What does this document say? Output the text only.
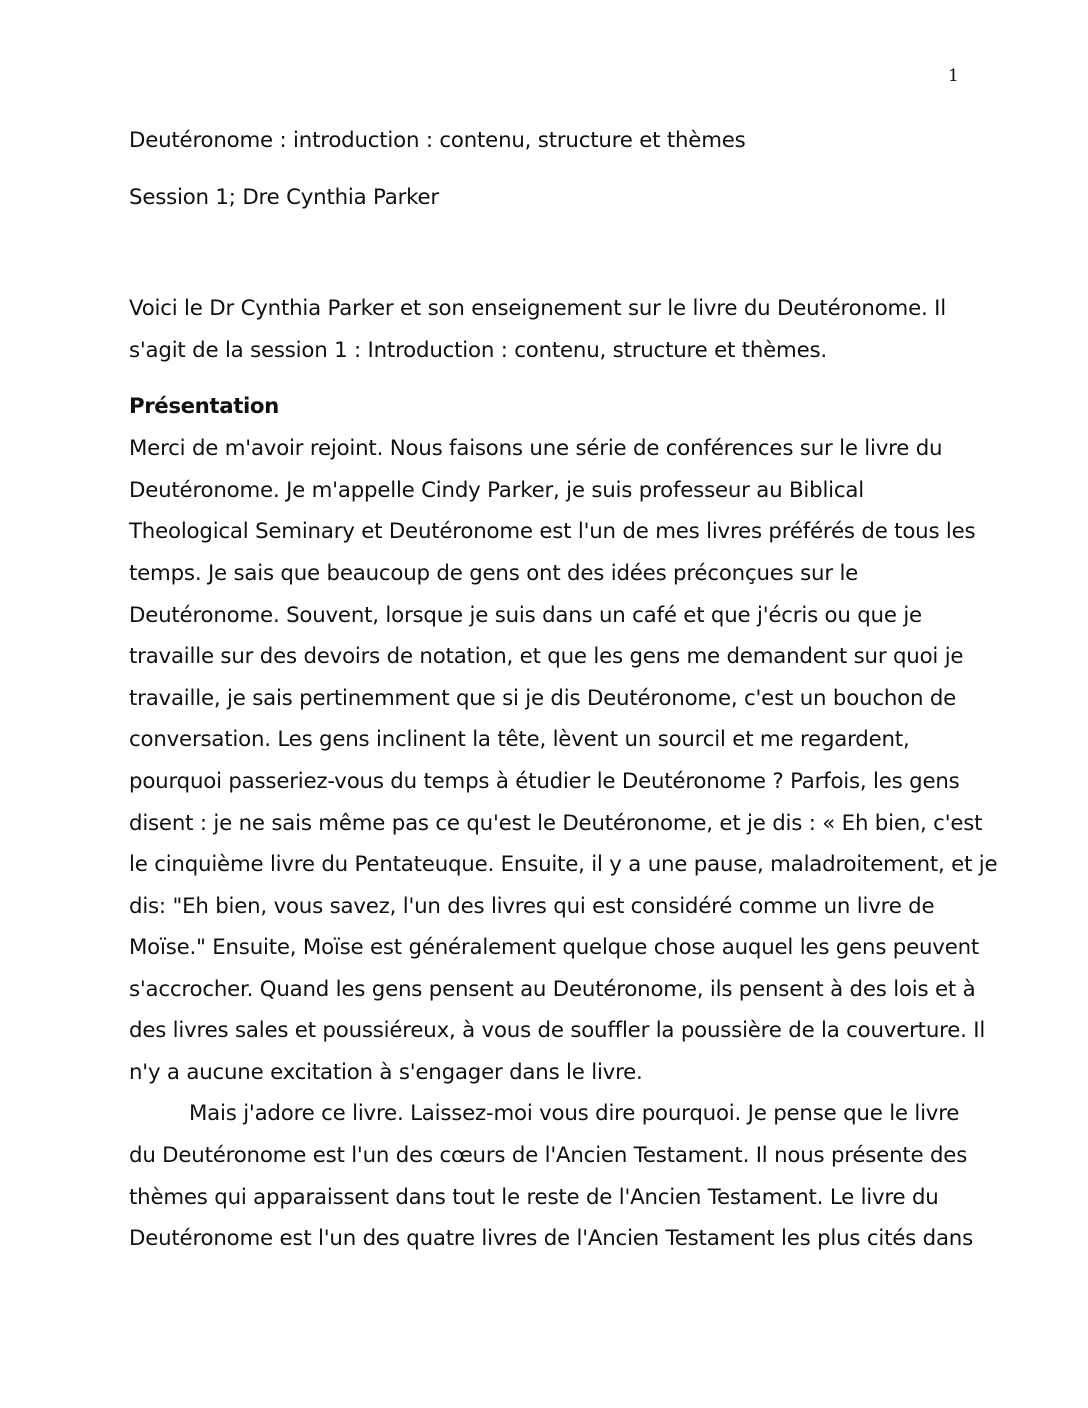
1
Deutéronome : introduction : contenu, structure et thèmes
Session 1; Dre Cynthia Parker
Voici le Dr Cynthia Parker et son enseignement sur le livre du Deutéronome. Il
s'agit de la session 1 : Introduction : contenu, structure et thèmes.
Présentation
Merci de m'avoir rejoint. Nous faisons une série de conférences sur le livre du
Deutéronome. Je m'appelle Cindy Parker, je suis professeur au Biblical
Theological Seminary et Deutéronome est l'un de mes livres préférés de tous les
temps. Je sais que beaucoup de gens ont des idées préconçues sur le
Deutéronome. Souvent, lorsque je suis dans un café et que j'écris ou que je
travaille sur des devoirs de notation, et que les gens me demandent sur quoi je
travaille, je sais pertinemment que si je dis Deutéronome, c'est un bouchon de
conversation. Les gens inclinent la tête, lèvent un sourcil et me regardent,
pourquoi passeriez-vous du temps à étudier le Deutéronome ? Parfois, les gens
disent : je ne sais même pas ce qu'est le Deutéronome, et je dis : « Eh bien, c'est
le cinquième livre du Pentateuque. Ensuite, il y a une pause, maladroitement, et je
dis: "Eh bien, vous savez, l'un des livres qui est considéré comme un livre de
Moïse." Ensuite, Moïse est généralement quelque chose auquel les gens peuvent
s'accrocher. Quand les gens pensent au Deutéronome, ils pensent à des lois et à
des livres sales et poussiéreux, à vous de souffler la poussière de la couverture. Il
n'y a aucune excitation à s'engager dans le livre.
Mais j'adore ce livre. Laissez-moi vous dire pourquoi. Je pense que le livre
du Deutéronome est l'un des cœurs de l'Ancien Testament. Il nous présente des
thèmes qui apparaissent dans tout le reste de l'Ancien Testament. Le livre du
Deutéronome est l'un des quatre livres de l'Ancien Testament les plus cités dans
